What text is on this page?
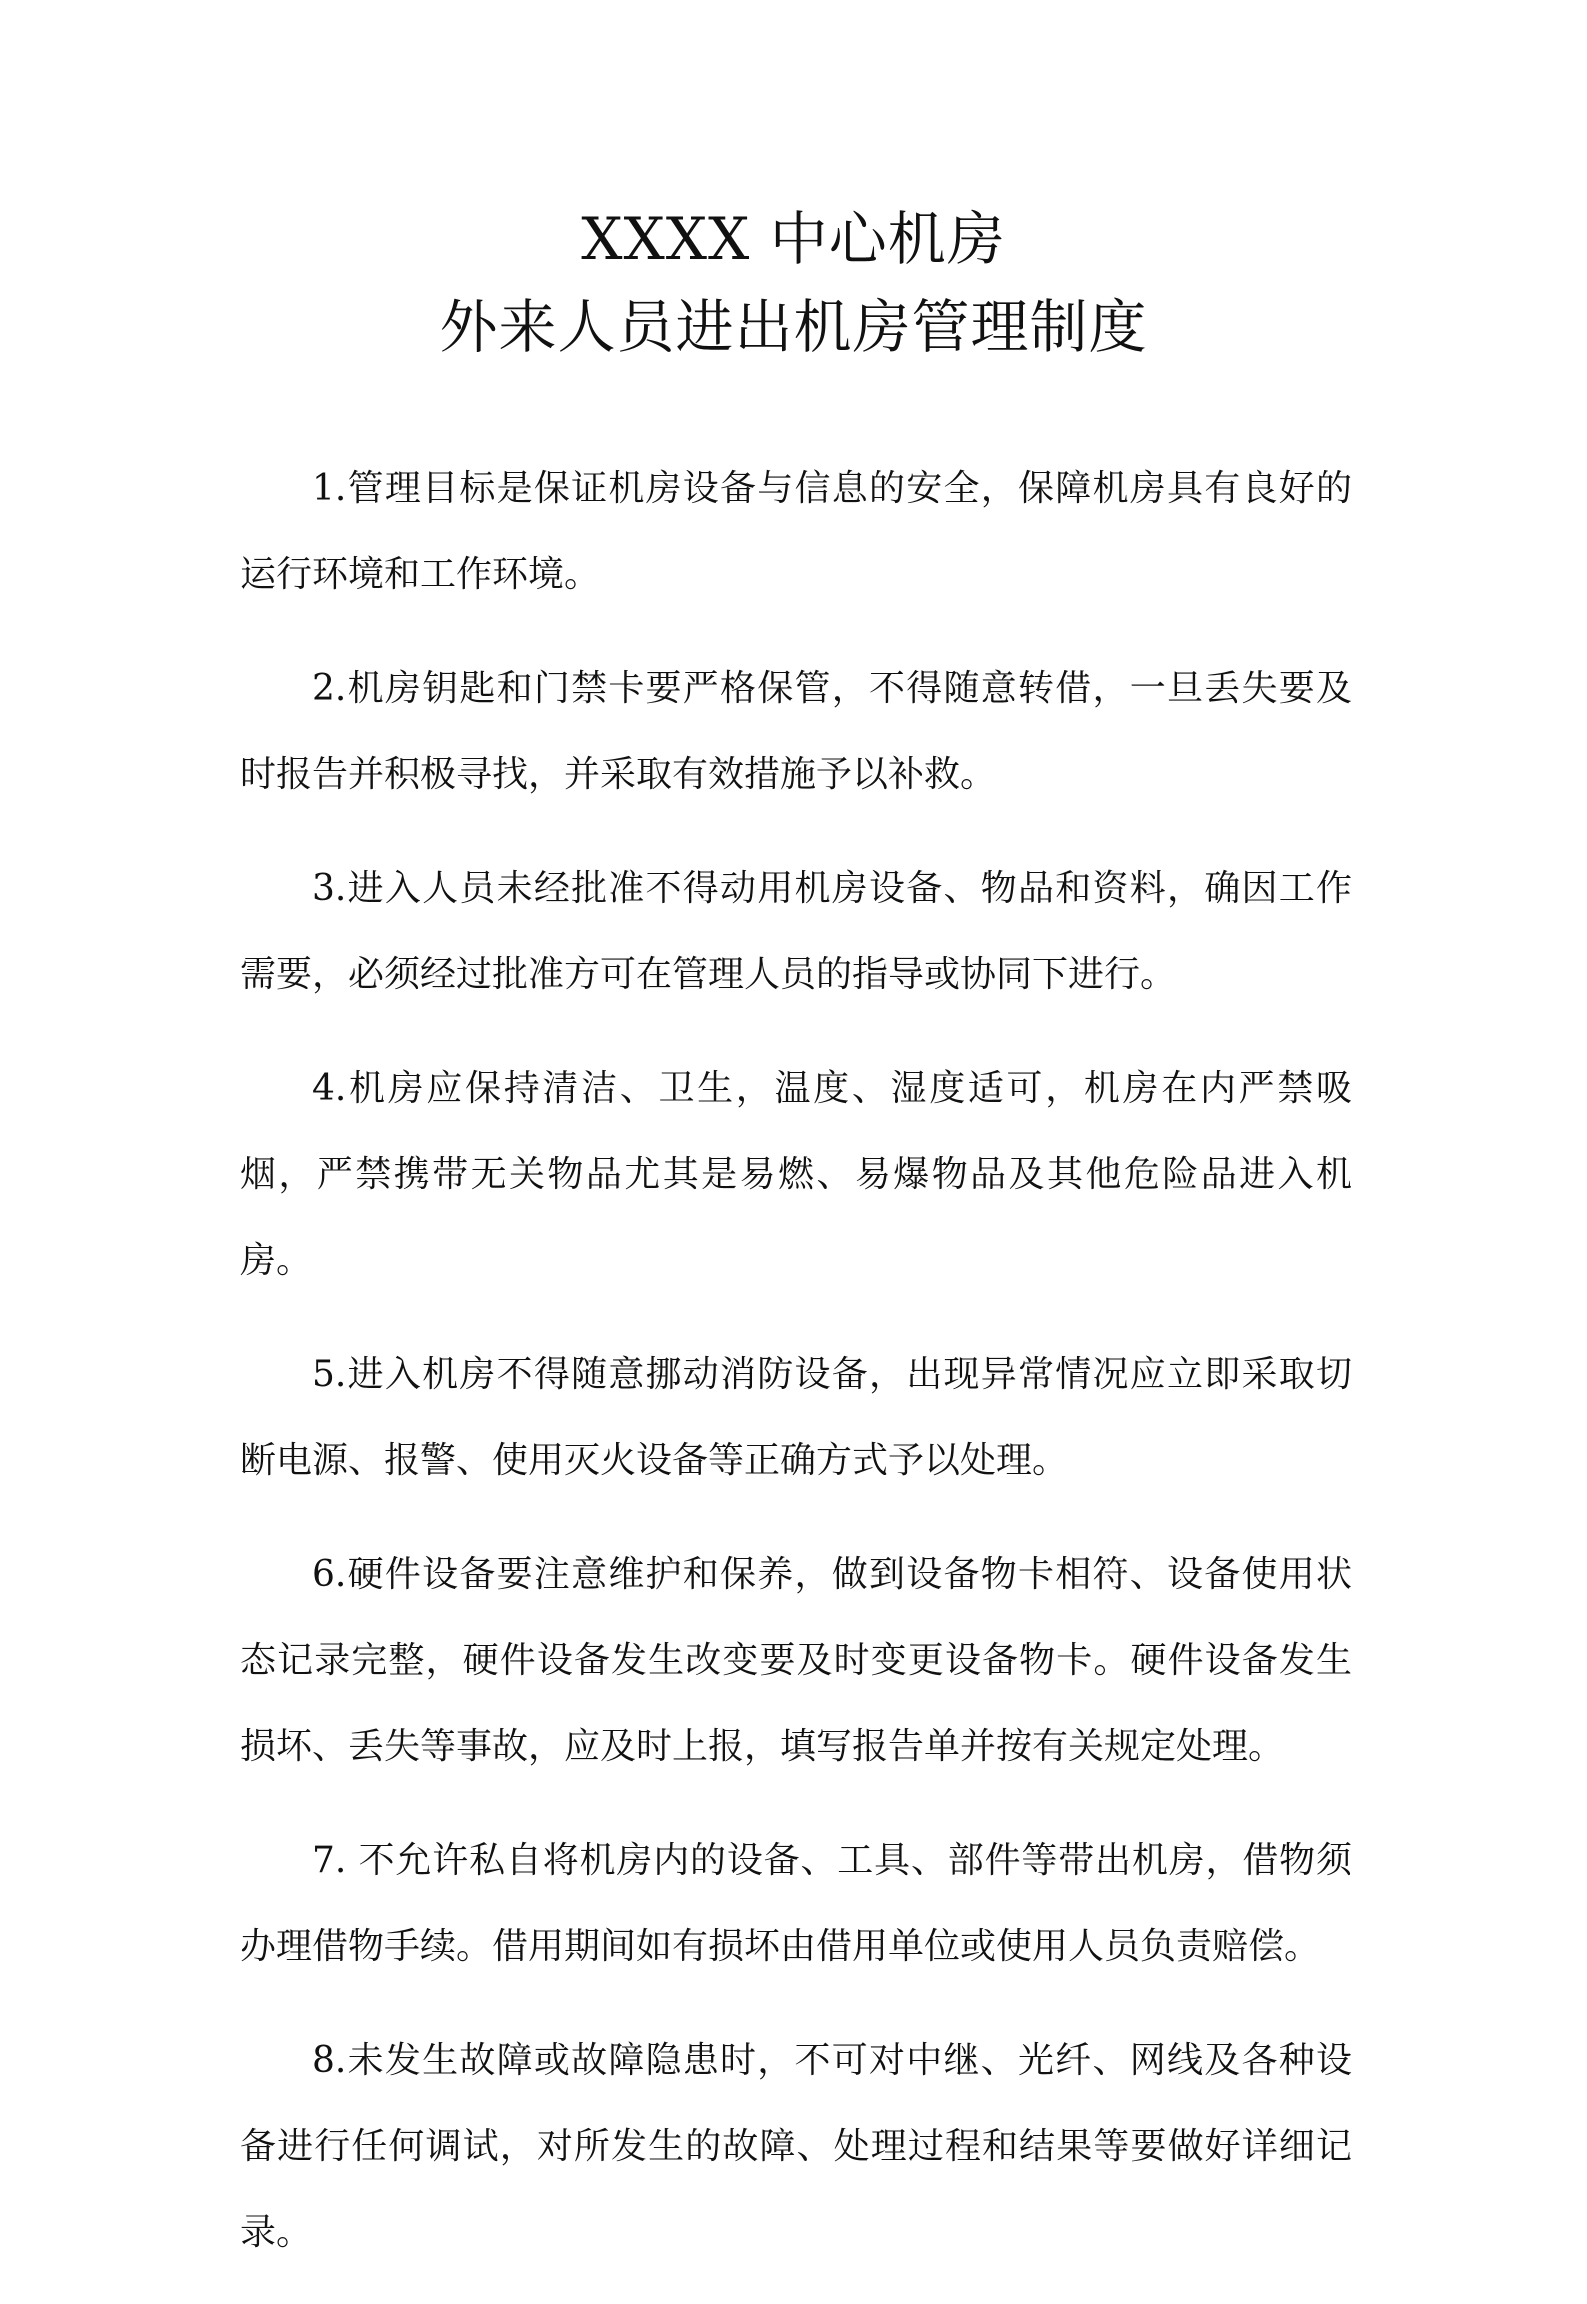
XXXX 中心机房
外来人员进出机房管理制度

1.管理目标是保证机房设备与信息的安全，保障机房具有良好的运行环境和工作环境。

2.机房钥匙和门禁卡要严格保管，不得随意转借，一旦丢失要及时报告并积极寻找，并采取有效措施予以补救。

3.进入人员未经批准不得动用机房设备、物品和资料，确因工作需要，必须经过批准方可在管理人员的指导或协同下进行。

4.机房应保持清洁、卫生，温度、湿度适可，机房在内严禁吸烟，严禁携带无关物品尤其是易燃、易爆物品及其他危险品进入机房。

5.进入机房不得随意挪动消防设备，出现异常情况应立即采取切断电源、报警、使用灭火设备等正确方式予以处理。

6.硬件设备要注意维护和保养，做到设备物卡相符、设备使用状态记录完整，硬件设备发生改变要及时变更设备物卡。硬件设备发生损坏、丢失等事故，应及时上报，填写报告单并按有关规定处理。

7. 不允许私自将机房内的设备、工具、部件等带出机房，借物须办理借物手续。借用期间如有损坏由借用单位或使用人员负责赔偿。

8.未发生故障或故障隐患时，不可对中继、光纤、网线及各种设备进行任何调试，对所发生的故障、处理过程和结果等要做好详细记录。
